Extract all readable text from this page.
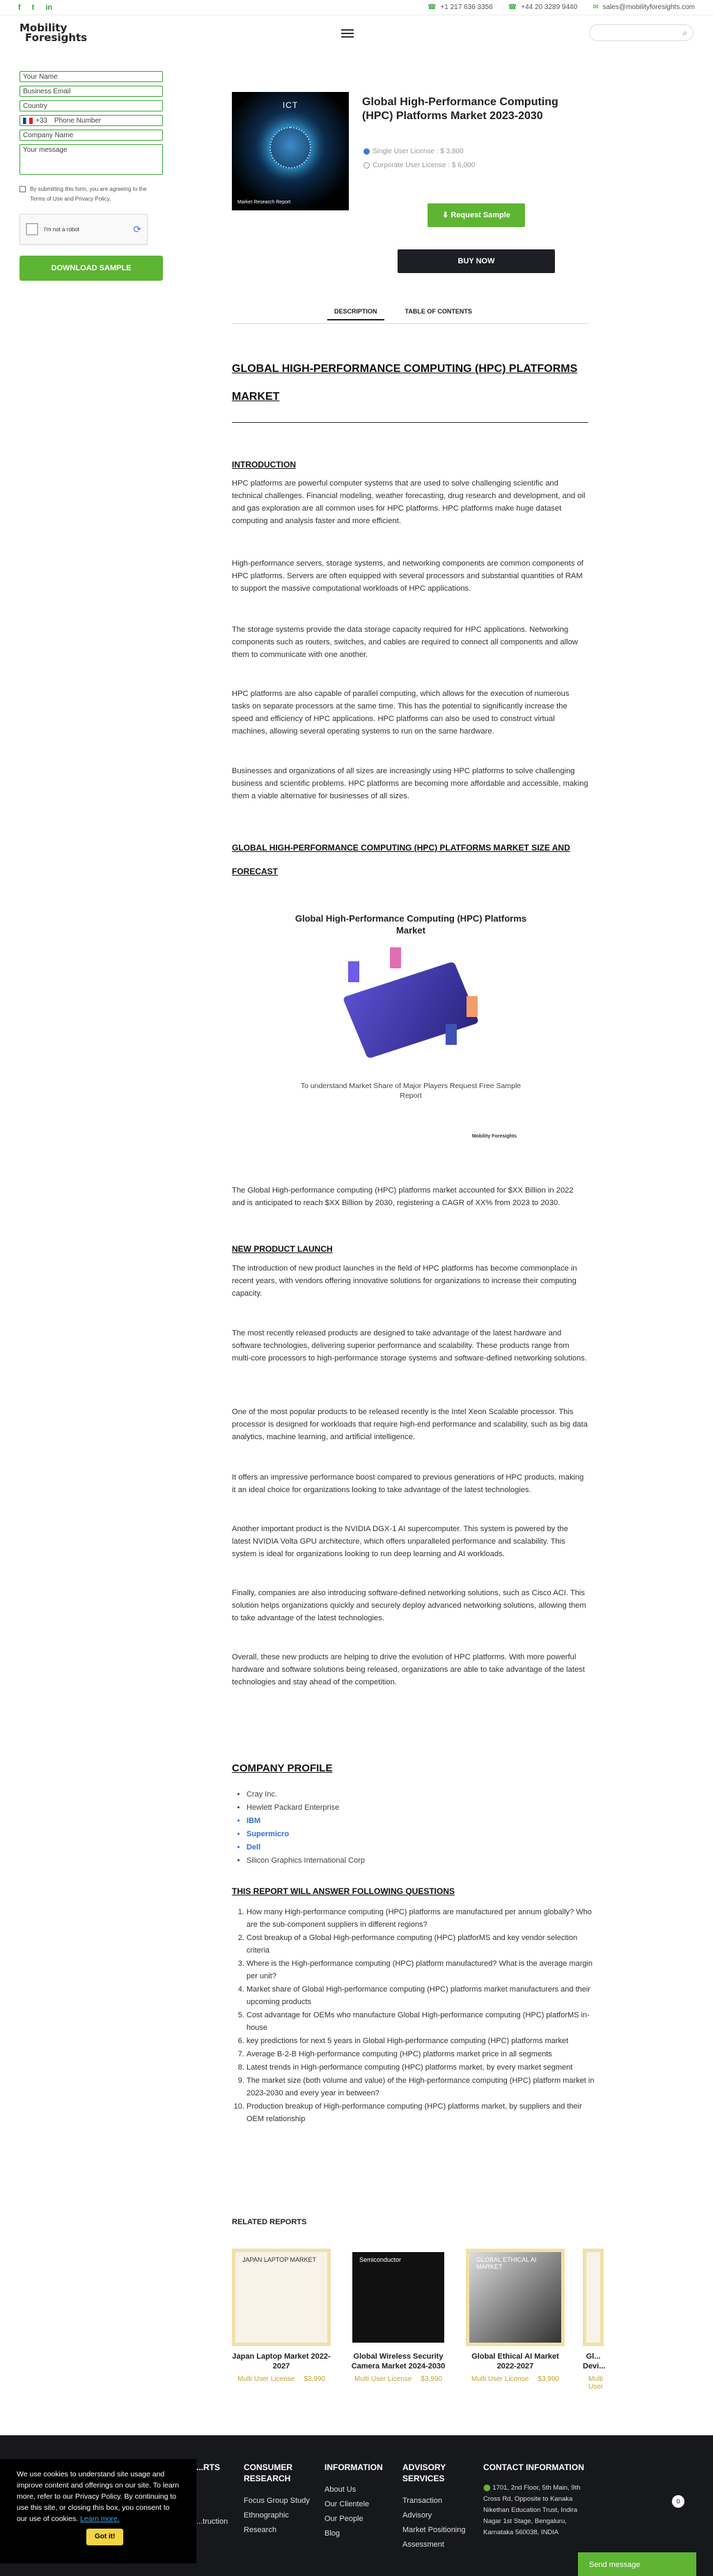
f t in	☎ +1 217 636 3356 ☎ +44 20 3289 9440 ✉ sales@mobilityforesights.com
Mobility
Foresights	⌕
Your Name
Business Email
Country
+33 Phone Number
Company Name
Your message
By submitting this form, you are agreeing to the Terms of Use and Privacy Policy.
I'm not a robot	⟳
DOWNLOAD SAMPLE
ICT
Market Research Report
Global High-Performance Computing (HPC) Platforms Market 2023-2030
Single User License : $ 3,800
Corporate User License : $ 6,000
⬇ Request Sample
BUY NOW
DESCRIPTION	TABLE OF CONTENTS
GLOBAL HIGH-PERFORMANCE COMPUTING (HPC) PLATFORMS MARKET
INTRODUCTION
HPC platforms are powerful computer systems that are used to solve challenging scientific and technical challenges. Financial modeling, weather forecasting, drug research and development, and oil and gas exploration are all common uses for HPC platforms. HPC platforms make huge dataset computing and analysis faster and more efficient.
High-performance servers, storage systems, and networking components are common components of HPC platforms. Servers are often equipped with several processors and substantial quantities of RAM to support the massive computational workloads of HPC applications.
The storage systems provide the data storage capacity required for HPC applications. Networking components such as routers, switches, and cables are required to connect all components and allow them to communicate with one another.
HPC platforms are also capable of parallel computing, which allows for the execution of numerous tasks on separate processors at the same time. This has the potential to significantly increase the speed and efficiency of HPC applications. HPC platforms can also be used to construct virtual machines, allowing several operating systems to run on the same hardware.
Businesses and organizations of all sizes are increasingly using HPC platforms to solve challenging business and scientific problems. HPC platforms are becoming more affordable and accessible, making them a viable alternative for businesses of all sizes.
GLOBAL HIGH-PERFORMANCE COMPUTING (HPC) PLATFORMS MARKET SIZE AND FORECAST
Global High-Performance Computing (HPC) Platforms Market
To understand Market Share of Major Players Request Free Sample Report
Mobility Foresights
The Global High-performance computing (HPC) platforms market accounted for $XX Billion in 2022 and is anticipated to reach $XX Billion by 2030, registering a CAGR of XX% from 2023 to 2030.
NEW PRODUCT LAUNCH
The introduction of new product launches in the field of HPC platforms has become commonplace in recent years, with vendors offering innovative solutions for organizations to increase their computing capacity.
The most recently released products are designed to take advantage of the latest hardware and software technologies, delivering superior performance and scalability. These products range from multi-core processors to high-performance storage systems and software-defined networking solutions.
One of the most popular products to be released recently is the Intel Xeon Scalable processor. This processor is designed for workloads that require high-end performance and scalability, such as big data analytics, machine learning, and artificial intelligence.
It offers an impressive performance boost compared to previous generations of HPC products, making it an ideal choice for organizations looking to take advantage of the latest technologies.
Another important product is the NVIDIA DGX-1 AI supercomputer. This system is powered by the latest NVIDIA Volta GPU architecture, which offers unparalleled performance and scalability. This system is ideal for organizations looking to run deep learning and AI workloads.
Finally, companies are also introducing software-defined networking solutions, such as Cisco ACI. This solution helps organizations quickly and securely deploy advanced networking solutions, allowing them to take advantage of the latest technologies.
Overall, these new products are helping to drive the evolution of HPC platforms. With more powerful hardware and software solutions being released, organizations are able to take advantage of the latest technologies and stay ahead of the competition.
COMPANY PROFILE
• Cray Inc.
• Hewlett Packard Enterprise
• IBM
• Supermicro
• Dell
• Silicon Graphics International Corp
THIS REPORT WILL ANSWER FOLLOWING QUESTIONS
1. How many High-performance computing (HPC) platforms are manufactured per annum globally? Who are the sub-component suppliers in different regions?
2. Cost breakup of a Global High-performance computing (HPC) platforMS and key vendor selection criteria
3. Where is the High-performance computing (HPC) platform manufactured? What is the average margin per unit?
4. Market share of Global High-performance computing (HPC) platforms market manufacturers and their upcoming products
5. Cost advantage for OEMs who manufacture Global High-performance computing (HPC) platforMS in-house
6. key predictions for next 5 years in Global High-performance computing (HPC) platforms market
7. Average B-2-B High-performance computing (HPC) platforms market price in all segments
8. Latest trends in High-performance computing (HPC) platforms market, by every market segment
9. The market size (both volume and value) of the High-performance computing (HPC) platform market in 2023-2030 and every year in between?
10. Production breakup of High-performance computing (HPC) platforms market, by suppliers and their OEM relationship
RELATED REPORTS
JAPAN LAPTOP MARKET
Japan Laptop Market 2022-2027
Multi User License $3,990
Semiconductor
Global Wireless Security Camera Market 2024-2030
Multi User License $3,990
GLOBAL ETHICAL AI MARKET
Global Ethical AI Market 2022-2027
Multi User License $3,990
Gl... Devi...
Multi User
...RTS
...truction
CONSUMER RESEARCH
Focus Group Study
Ethnographic Research
INFORMATION
About Us
Our Clientele
Our People
Blog
ADVISORY SERVICES
Transaction Advisory
Market Positioning Assessment
CONTACT INFORMATION
⬤ 1701, 2nd Floor, 5th Main, 9th Cross Rd, Opposite to Kanaka Nikethan Education Trust, Indira Nagar 1st Stage, Bengaluru, Karnataka 560038, INDIA
We use cookies to understand site usage and improve content and offerings on our site. To learn more, refer to our Privacy Policy. By continuing to use this site, or closing this box, you consent to our use of cookies. Learn more.
Got it!
0
Send message
